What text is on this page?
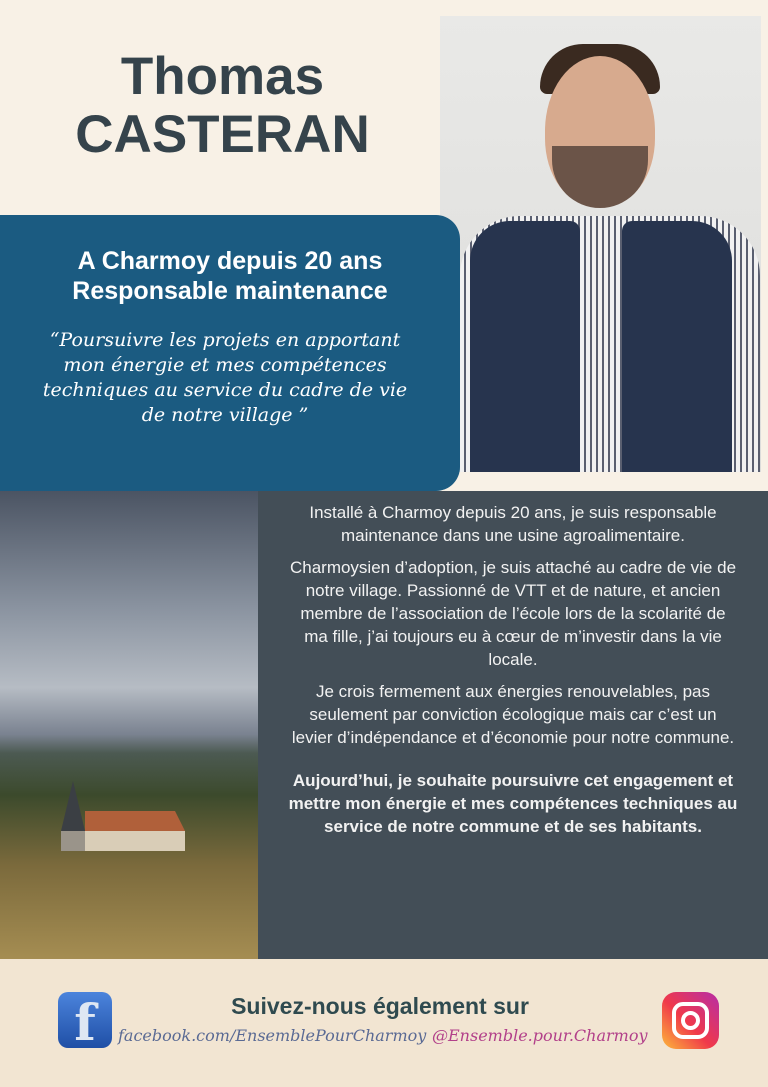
Thomas
CASTERAN
A Charmoy depuis 20 ans
Responsable maintenance
“Poursuivre les projets en apportant mon énergie et mes compétences techniques au service du cadre de vie de notre village ”

Installé à Charmoy depuis 20 ans, je suis responsable maintenance dans une usine agroalimentaire.

Charmoysien d’adoption, je suis attaché au cadre de vie de notre village. Passionné de VTT et de nature, et ancien membre de l’association de l’école lors de la scolarité de ma fille, j’ai toujours eu à cœur de m’investir dans la vie locale.

Je crois fermement aux énergies renouvelables, pas seulement par conviction écologique mais car c’est un levier d’indépendance et d’économie pour notre commune.

Aujourd’hui, je souhaite poursuivre cet engagement et mettre mon énergie et mes compétences techniques au service de notre commune et de ses habitants.

f	Suivez-nous également sur
facebook.com/EnsemblePourCharmoy @Ensemble.pour.Charmoy
